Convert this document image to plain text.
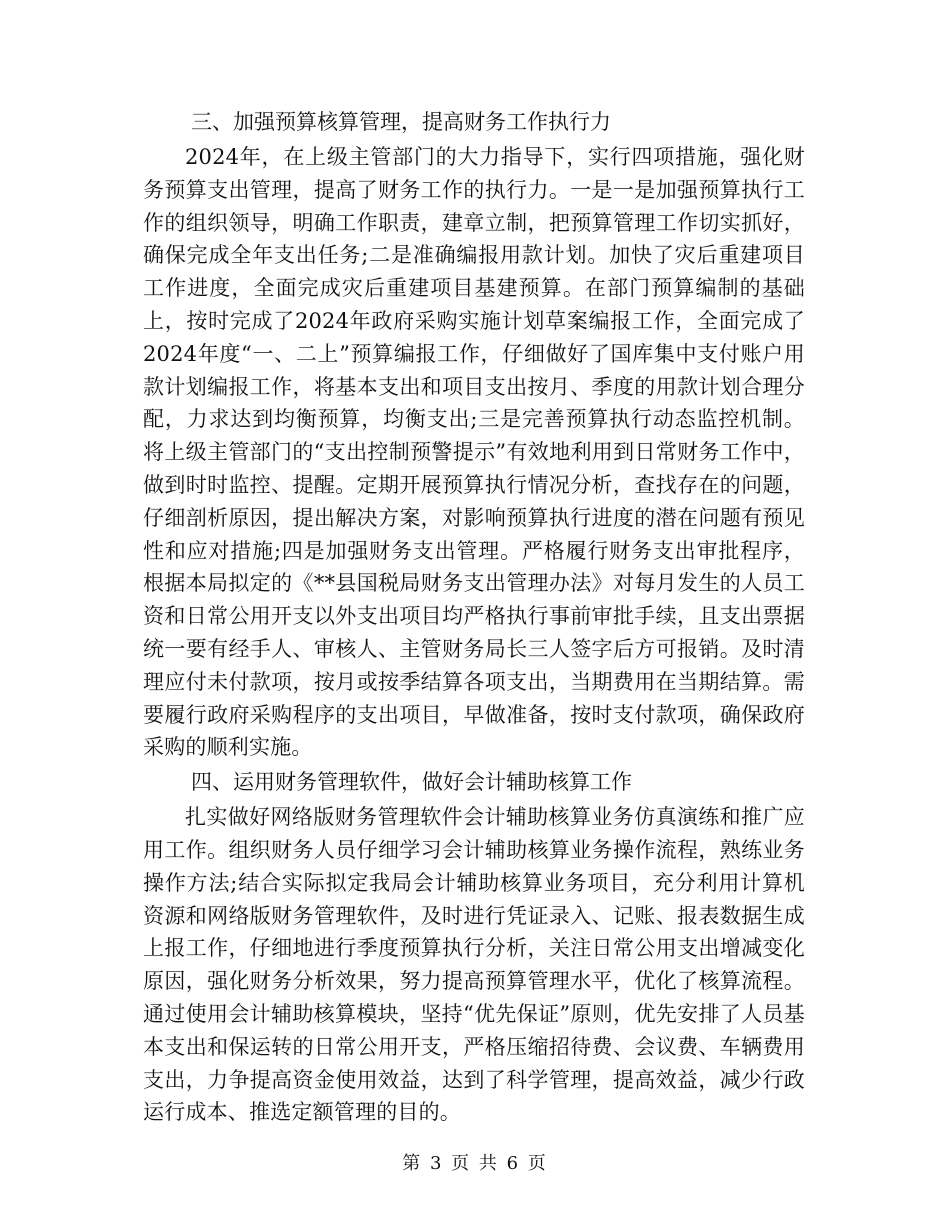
三、加强预算核算管理，提高财务工作执行力

2024年，在上级主管部门的大力指导下，实行四项措施，强化财务预算支出管理，提高了财务工作的执行力。一是一是加强预算执行工作的组织领导，明确工作职责，建章立制，把预算管理工作切实抓好，确保完成全年支出任务;二是准确编报用款计划。加快了灾后重建项目工作进度，全面完成灾后重建项目基建预算。在部门预算编制的基础上，按时完成了2024年政府采购实施计划草案编报工作，全面完成了2024年度“一、二上”预算编报工作，仔细做好了国库集中支付账户用款计划编报工作，将基本支出和项目支出按月、季度的用款计划合理分配，力求达到均衡预算，均衡支出;三是完善预算执行动态监控机制。将上级主管部门的“支出控制预警提示”有效地利用到日常财务工作中，做到时时监控、提醒。定期开展预算执行情况分析，查找存在的问题，仔细剖析原因，提出解决方案，对影响预算执行进度的潜在问题有预见性和应对措施;四是加强财务支出管理。严格履行财务支出审批程序，根据本局拟定的《**县国税局财务支出管理办法》对每月发生的人员工资和日常公用开支以外支出项目均严格执行事前审批手续，且支出票据统一要有经手人、审核人、主管财务局长三人签字后方可报销。及时清理应付未付款项，按月或按季结算各项支出，当期费用在当期结算。需要履行政府采购程序的支出项目，早做准备，按时支付款项，确保政府采购的顺利实施。

四、运用财务管理软件，做好会计辅助核算工作

扎实做好网络版财务管理软件会计辅助核算业务仿真演练和推广应用工作。组织财务人员仔细学习会计辅助核算业务操作流程，熟练业务操作方法;结合实际拟定我局会计辅助核算业务项目，充分利用计算机资源和网络版财务管理软件，及时进行凭证录入、记账、报表数据生成上报工作，仔细地进行季度预算执行分析，关注日常公用支出增减变化原因，强化财务分析效果，努力提高预算管理水平，优化了核算流程。通过使用会计辅助核算模块，坚持“优先保证”原则，优先安排了人员基本支出和保运转的日常公用开支，严格压缩招待费、会议费、车辆费用支出，力争提高资金使用效益，达到了科学管理，提高效益，减少行政运行成本、推选定额管理的目的。

第 3 页 共 6 页
